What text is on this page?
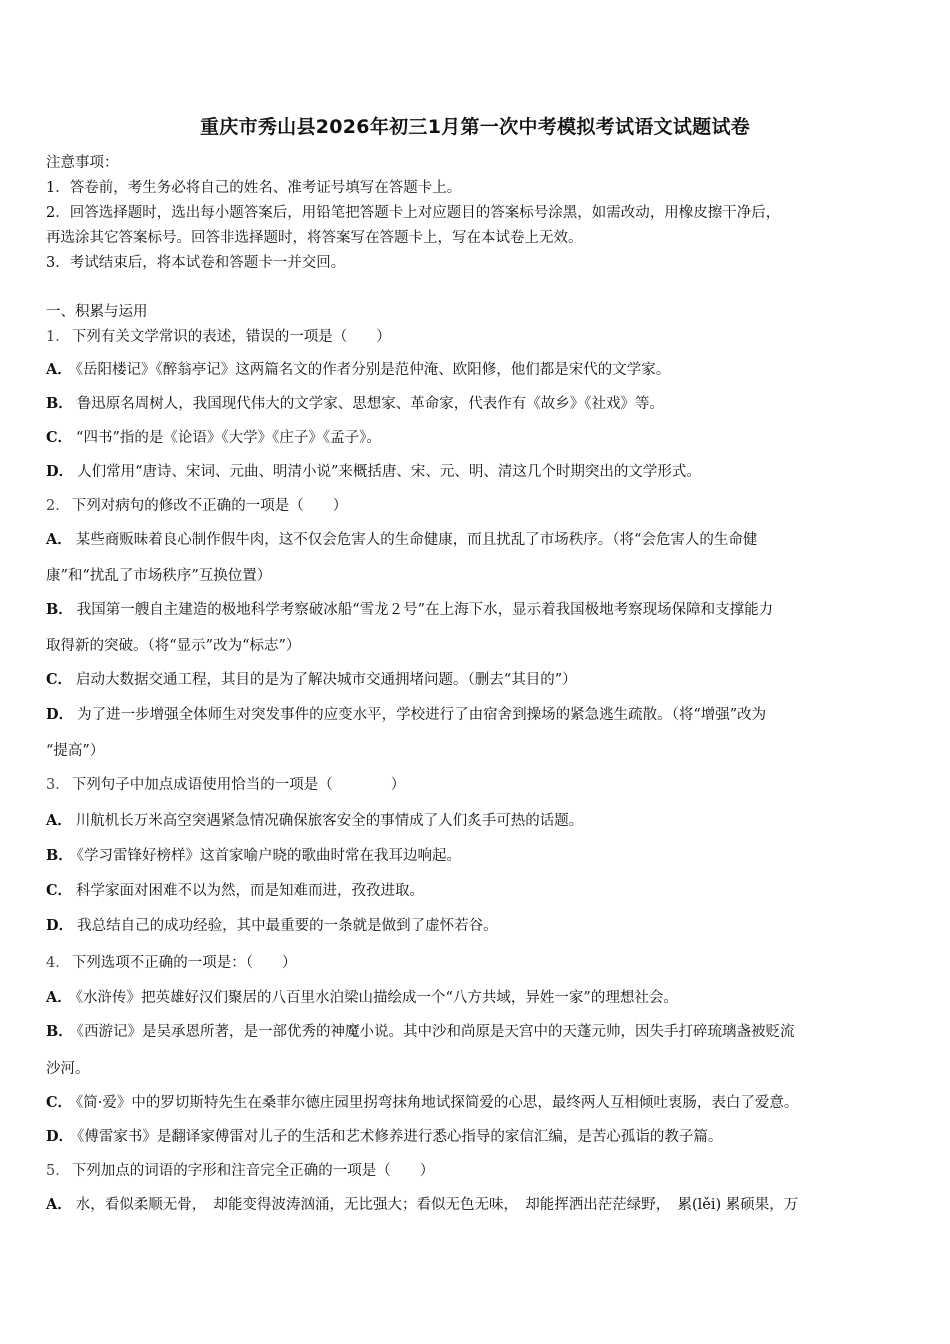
重庆市秀山县2026年初三1月第一次中考模拟考试语文试题试卷
注意事项：
1．答卷前，考生务必将自己的姓名、准考证号填写在答题卡上。
2．回答选择题时，选出每小题答案后，用铅笔把答题卡上对应题目的答案标号涂黑，如需改动，用橡皮擦干净后，
再选涂其它答案标号。回答非选择题时，将答案写在答题卡上，写在本试卷上无效。
3．考试结束后，将本试卷和答题卡一并交回。
一、积累与运用
1． 下列有关文学常识的表述，错误的一项是（　　）
A． 《岳阳楼记》《醉翁亭记》这两篇名文的作者分别是范仲淹、欧阳修，他们都是宋代的文学家。
B． 鲁迅原名周树人，我国现代伟大的文学家、思想家、革命家，代表作有《故乡》《社戏》等。
C． “四书”指的是《论语》《大学》《庄子》《孟子》。
D． 人们常用“唐诗、宋词、元曲、明清小说”来概括唐、宋、元、明、清这几个时期突出的文学形式。
2． 下列对病句的修改不正确的一项是（　　）
A． 某些商贩昧着良心制作假牛肉，这不仅会危害人的生命健康，而且扰乱了市场秩序。（将“会危害人的生命健
康”和“扰乱了市场秩序”互换位置）
B． 我国第一艘自主建造的极地科学考察破冰船“雪龙２号”在上海下水，显示着我国极地考察现场保障和支撑能力
取得新的突破。（将“显示”改为“标志”）
C． 启动大数据交通工程，其目的是为了解决城市交通拥堵问题。（删去“其目的”）
D． 为了进一步增强全体师生对突发事件的应变水平，学校进行了由宿舍到操场的紧急逃生疏散。（将“增强”改为
“提高”）
3． 下列句子中加点成语使用恰当的一项是（　　　　）
A． 川航机长万米高空突遇紧急情况确保旅客安全的事情成了人们炙手可热的话题。
B． 《学习雷锋好榜样》这首家喻户晓的歌曲时常在我耳边响起。
C． 科学家面对困难不以为然，而是知难而进，孜孜进取。
D． 我总结自己的成功经验，其中最重要的一条就是做到了虚怀若谷。
4． 下列选项不正确的一项是：（　　）
A． 《水浒传》把英雄好汉们聚居的八百里水泊梁山描绘成一个“八方共域，异姓一家”的理想社会。
B． 《西游记》是吴承恩所著，是一部优秀的神魔小说。其中沙和尚原是天宫中的天蓬元帅，因失手打碎琉璃盏被贬流
沙河。
C． 《简·爱》中的罗切斯特先生在桑菲尔德庄园里拐弯抹角地试探简爱的心思，最终两人互相倾吐衷肠，表白了爱意。
D． 《傅雷家书》是翻译家傅雷对儿子的生活和艺术修养进行悉心指导的家信汇编，是苦心孤诣的教子篇。
5． 下列加点的词语的字形和注音完全正确的一项是（　　）
A． 水，看似柔顺无骨，　却能变得波涛汹涌，无比强大；看似无色无味，　却能挥洒出茫茫绿野，　累(lěi) 累硕果，万
